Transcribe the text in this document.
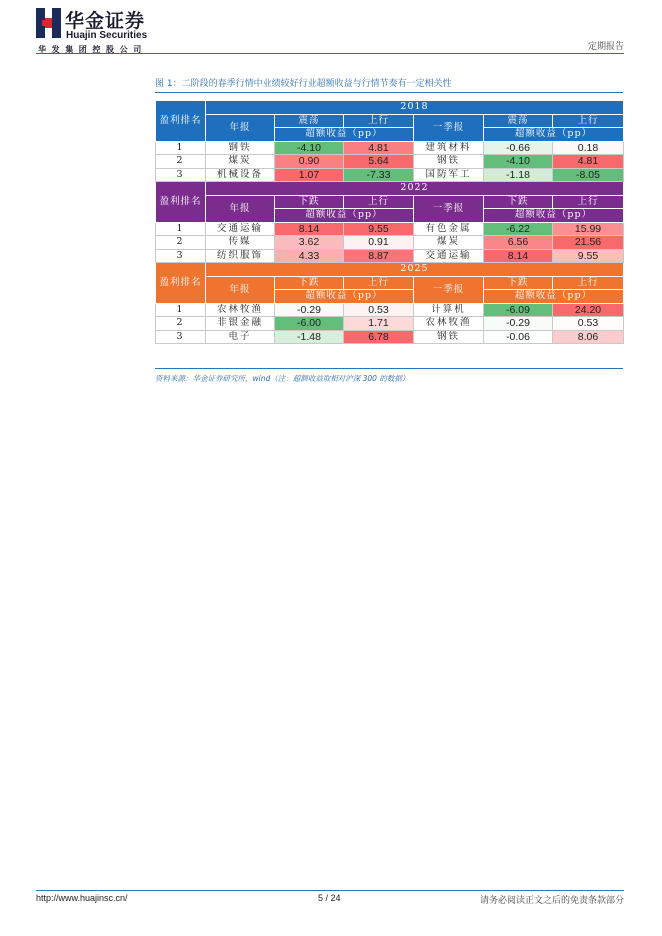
华金证券
Huajin Securities
华发集团控股公司	定期报告
图 1：二阶段的春季行情中业绩较好行业超额收益与行情节奏有一定相关性
盈利排名	2018					
	年报	震荡	上行	一季报	震荡	上行
		超额收益（pp）			超额收益（pp）	
1	钢铁	-4.10	4.81	建筑材料	-0.66	0.18
2	煤炭	0.90	5.64	钢铁	-4.10	4.81
3	机械设备	1.07	-7.33	国防军工	-1.18	-8.05
盈利排名	2022					
	年报	下跌	上行	一季报	下跌	上行
		超额收益（pp）			超额收益（pp）	
1	交通运输	8.14	9.55	有色金属	-6.22	15.99
2	传媒	3.62	0.91	煤炭	6.56	21.56
3	纺织服饰	4.33	8.87	交通运输	8.14	9.55
盈利排名	2025					
	年报	下跌	上行	一季报	下跌	上行
		超额收益（pp）			超额收益（pp）	
1	农林牧渔	-0.29	0.53	计算机	-6.09	24.20
2	非银金融	-6.00	1.71	农林牧渔	-0.29	0.53
3	电子	-1.48	6.78	钢铁	-0.06	8.06
资料来源：华金证券研究所，wind（注：超额收益取相对沪深 300 的数据）
http://www.huajinsc.cn/	5 / 24	请务必阅读正文之后的免责条款部分
